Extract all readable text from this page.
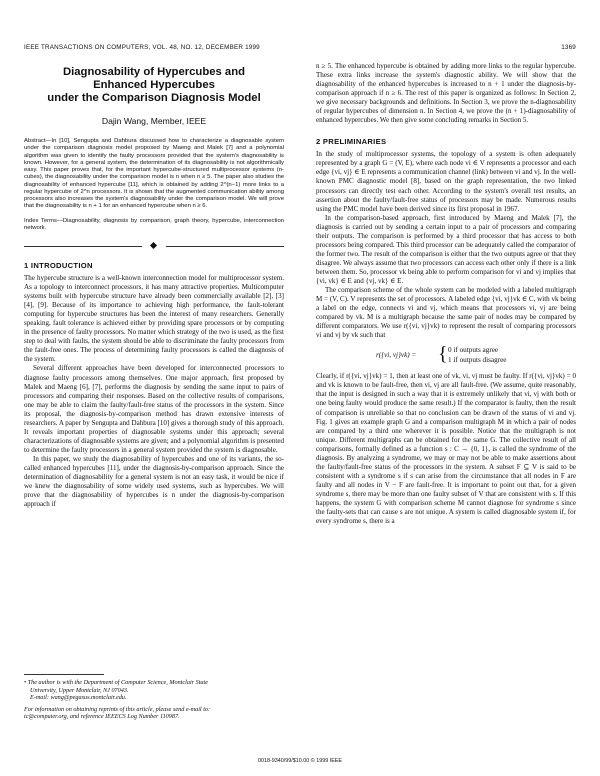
IEEE TRANSACTIONS ON COMPUTERS, VOL. 48, NO. 12, DECEMBER 1999	1369
Diagnosability of Hypercubes and
Enhanced Hypercubes
under the Comparison Diagnosis Model
Dajin Wang, Member, IEEE

Abstract—In [10], Sengupta and Dahbura discussed how to characterize a diagnosable system under the comparison diagnosis model proposed by Maeng and Malek [7] and a polynomial algorithm was given to identify the faulty processors provided that the system's diagnosability is known. However, for a general system, the determination of its diagnosability is not algorithmically easy. This paper proves that, for the important hypercube-structured multiprocessor systems (n-cubes), the diagnosability under the comparison model is n when n ≥ 5. The paper also studies the diagnosability of enhanced hypercube [11], which is obtained by adding 2^(n−1) more links to a regular hypercube of 2^n processors. It is shown that the augmented communication ability among processors also increases the system's diagnosability under the comparison model. We will prove that the diagnosability is n + 1 for an enhanced hypercube when n ≥ 6.

Index Terms—Diagnosability, diagnosis by comparison, graph theory, hypercube, interconnection network.

1 INTRODUCTION

The hypercube structure is a well-known interconnection model for multiprocessor system. As a topology to interconnect processors, it has many attractive properties. Multicomputer systems built with hypercube structure have already been commercially available [2], [3] [4], [9]. Because of its importance to achieving high performance, the fault-tolerant computing for hypercube structures has been the interest of many researchers. Generally speaking, fault tolerance is achieved either by providing spare processors or by computing in the presence of faulty processors. No matter which strategy of the two is used, as the first step to deal with faults, the system should be able to discriminate the faulty processors from the fault-free ones. The process of determining faulty processors is called the diagnosis of the system.

Several different approaches have been developed for interconnected processors to diagnose faulty processors among themselves. One major approach, first proposed by Malek and Maeng [6], [7], performs the diagnosis by sending the same input to pairs of processors and comparing their responses. Based on the collective results of comparisons, one may be able to claim the faulty/fault-free status of the processors in the system. Since its proposal, the diagnosis-by-comparison method has drawn extensive interests of researchers. A paper by Sengupta and Dahbura [10] gives a thorough study of this approach. It reveals important properties of diagnosable systems under this approach; several characterizations of diagnosable systems are given; and a polynomial algorithm is presented to determine the faulty processors in a general system provided the system is diagnosable.

In this paper, we study the diagnosability of hypercubes and one of its variants, the so-called enhanced hypercubes [11], under the diagnosis-by-comparison approach. Since the determination of diagnosability for a general system is not an easy task, it would be nice if we knew the diagnosability of some widely used systems, such as hypercubes. We will prove that the diagnosability of hypercubes is n under the diagnosis-by-comparison approach if

• The author is with the Department of Computer Science, Montclair State

University, Upper Montclair, NJ 07043.

E-mail: wang@pegasus.montclair.edu.

For information on obtaining reprints of this article, please send e-mail to:

tc@computer.org, and reference IEEECS Log Number 110987.

n ≥ 5. The enhanced hypercube is obtained by adding more links to the regular hypercube. These extra links increase the system's diagnostic ability. We will show that the diagnosability of the enhanced hypercubes is increased to n + 1 under the diagnosis-by-comparison approach if n ≥ 6. The rest of this paper is organized as follows: In Section 2, we give necessary backgrounds and definitions. In Section 3, we prove the n-diagnosability of regular hypercubes of dimension n. In Section 4, we prove the (n + 1)-diagnosability of enhanced hypercubes. We then give some concluding remarks in Section 5.

2 PRELIMINARIES

In the study of multiprocessor systems, the topology of a system is often adequately represented by a graph G = (V, E), where each node vi ∈ V represents a processor and each edge {vi, vj} ∈ E represents a communication channel (link) between vi and vj. In the well-known PMC diagnostic model [8], based on the graph representation, the two linked processors can directly test each other. According to the system's overall test results, an assertion about the faulty/fault-free status of processors may be made. Numerous results using the PMC model have been derived since its first proposal in 1967.

In the comparison-based approach, first introduced by Maeng and Malek [7], the diagnosis is carried out by sending a certain input to a pair of processors and comparing their outputs. The comparison is performed by a third processor that has access to both processors being compared. This third processor can be adequately called the comparator of the former two. The result of the comparison is either that the two outputs agree or that they disagree. We always assume that two processors can access each other only if there is a link between them. So, processor vk being able to perform comparison for vi and vj implies that {vi, vk} ∈ E and {vj, vk} ∈ E.

The comparison scheme of the whole system can be modeled with a labeled multigraph M = (V, C). V represents the set of processors. A labeled edge {vi, vj}vk ∈ C, with vk being a label on the edge, connects vi and vj, which means that processors vi, vj are being compared by vk. M is a multigraph because the same pair of nodes may be compared by different comparators. We use r({vi, vj}vk) to represent the result of comparing processors vi and vj by vk such that

r({vi, vj}vk) = { 0 if outputs agree
1 if outputs disagree

Clearly, if r({vi, vj}vk) = 1, then at least one of vk, vi, vj must be faulty. If r({vi, vj}vk) = 0 and vk is known to be fault-free, then vi, vj are all fault-free. (We assume, quite reasonably, that the input is designed in such a way that it is extremely unlikely that vi, vj with both or one being faulty would produce the same result.) If the comparator is faulty, then the result of comparison is unreliable so that no conclusion can be drawn of the status of vi and vj. Fig. 1 gives an example graph G and a comparison multigraph M in which a pair of nodes are compared by a third one wherever it is possible. Notice that the multigraph is not unique. Different multigraphs can be obtained for the same G. The collective result of all comparisons, formally defined as a function s : C → {0, 1}, is called the syndrome of the diagnosis. By analyzing a syndrome, we may or may not be able to make assertions about the faulty/fault-free status of the processors in the system. A subset F ⊆ V is said to be consistent with a syndrome s if s can arise from the circumstance that all nodes in F are faulty and all nodes in V − F are fault-free. It is important to point out that, for a given syndrome s, there may be more than one faulty subset of V that are consistent with s. If this happens, the system G with comparison scheme M cannot diagnose for syndrome s since the faulty-sets that can cause s are not unique. A system is called diagnosable system if, for every syndrome s, there is a

0018-9340/99/$10.00 © 1999 IEEE
